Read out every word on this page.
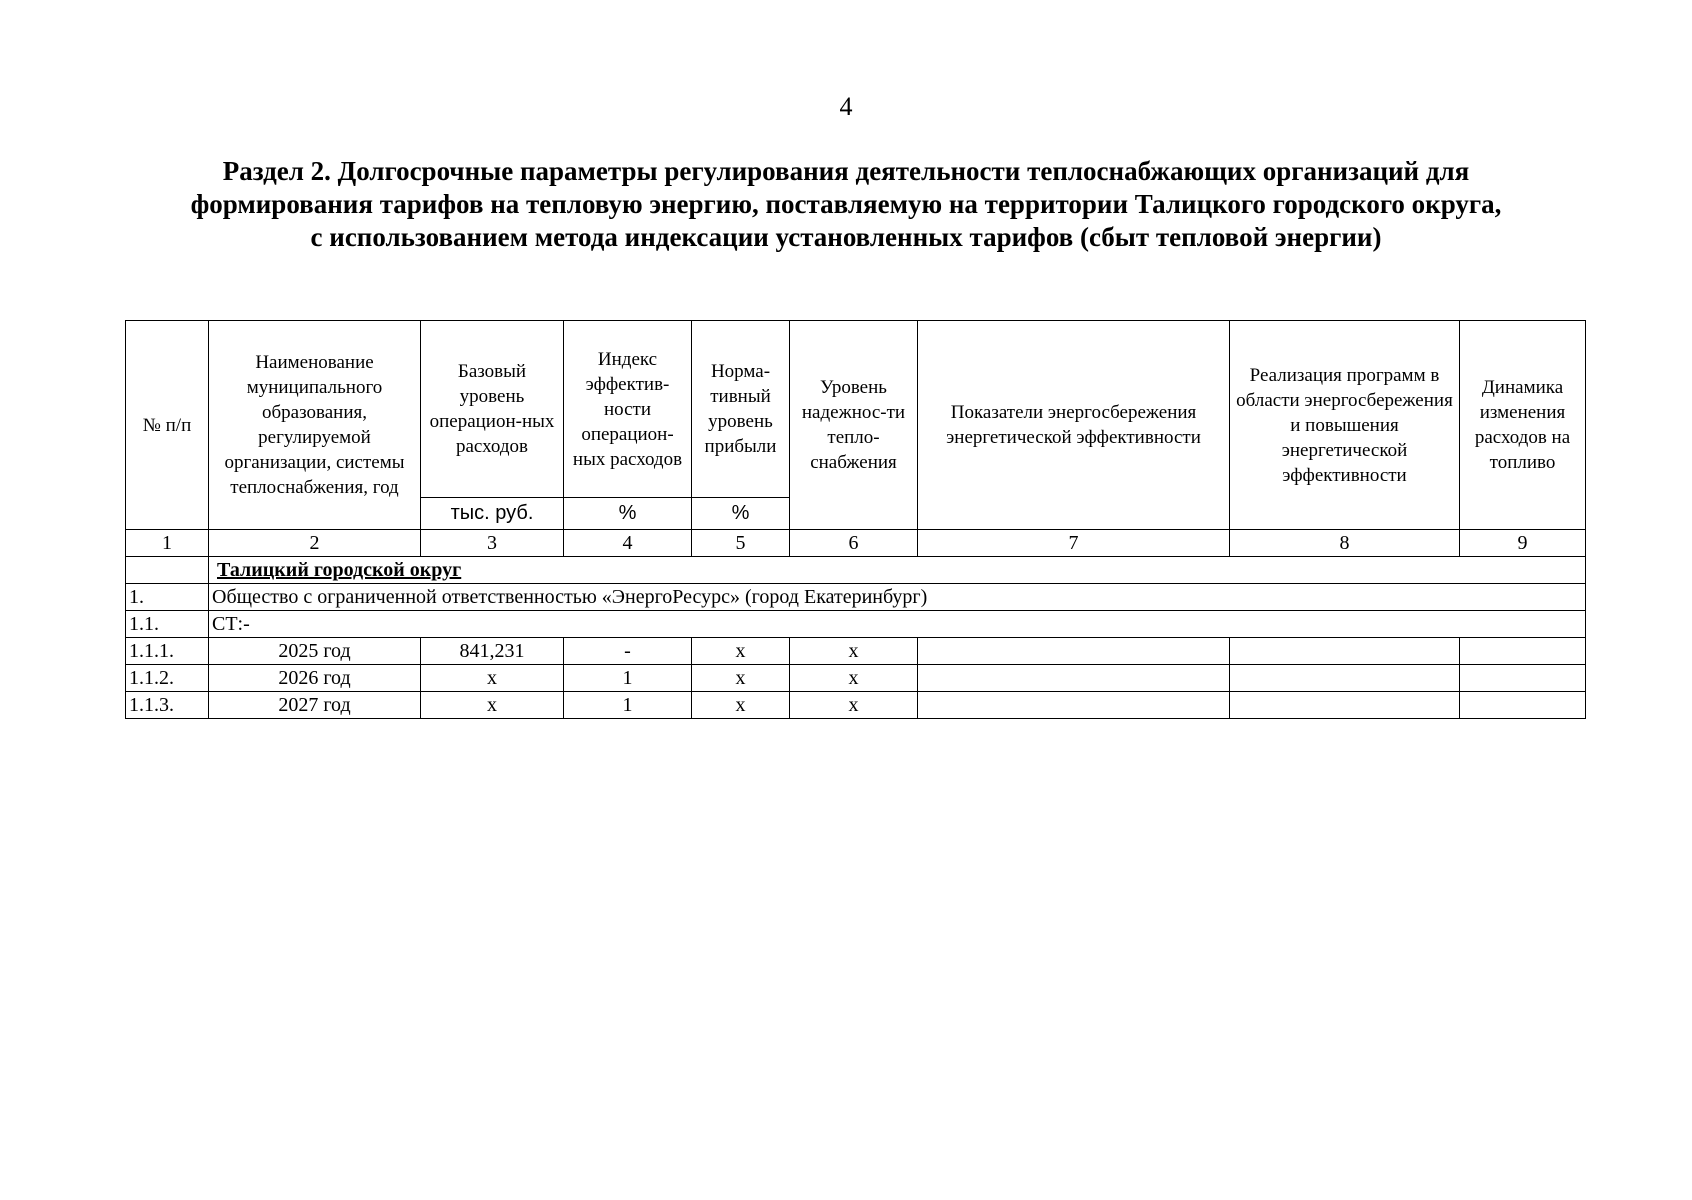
4
Раздел 2. Долгосрочные параметры регулирования деятельности теплоснабжающих организаций для
формирования тарифов на тепловую энергию, поставляемую на территории Талицкого городского округа,
с использованием метода индексации установленных тарифов (сбыт тепловой энергии)
№ п/п	Наименование муниципального образования, регулируемой организации, системы теплоснабжения, год	Базовый уровень операцион-ных расходов	Индекс эффектив-ности операцион-ных расходов	Норма-тивный уровень прибыли	Уровень надежнос-ти тепло-снабжения	Показатели энергосбережения энергетической эффективности	Реализация программ в области энергосбережения и повышения энергетической эффективности	Динамика изменения расходов на топливо
		тыс. руб.	%	%				
1	2	3	4	5	6	7	8	9
	Талицкий городской округ							
1.	Общество с ограниченной ответственностью «ЭнергоРесурс» (город Екатеринбург)							
1.1.	СТ:-							
1.1.1.	2025 год	841,231	-	x	x			
1.1.2.	2026 год	x	1	x	x			
1.1.3.	2027 год	x	1	x	x			
